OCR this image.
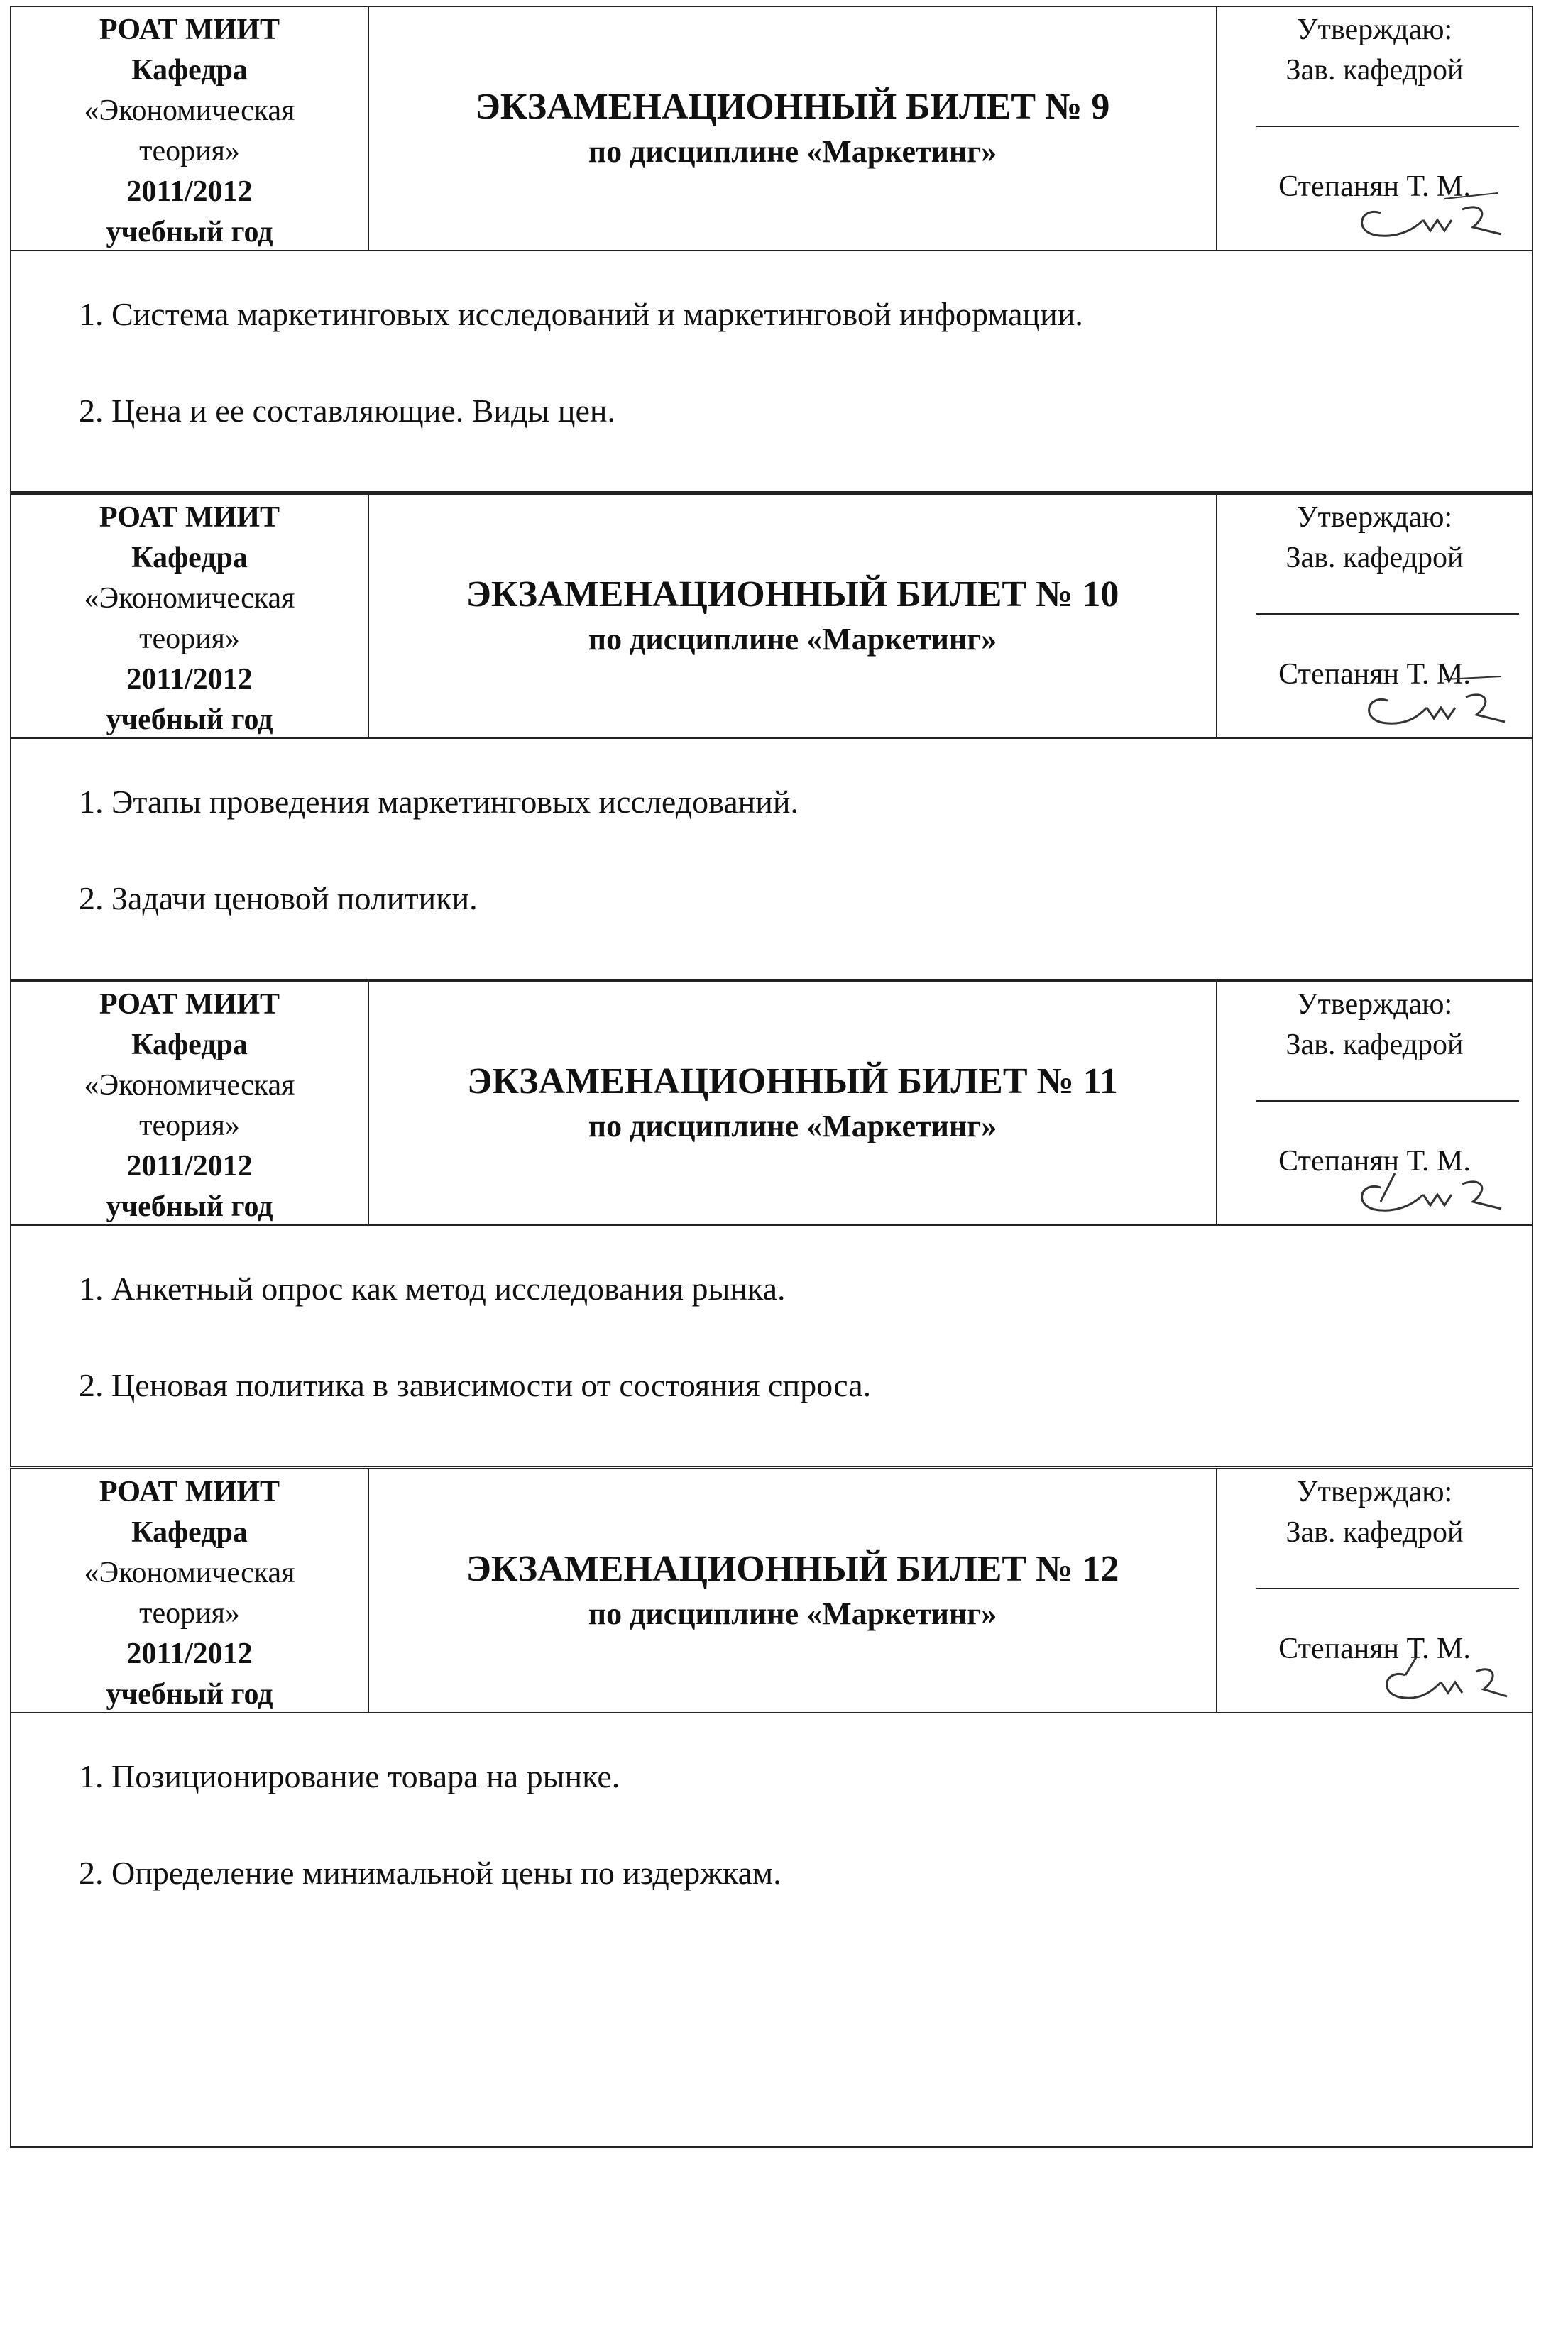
РОАТ МИИТ
Кафедра
«Экономическая
теория»
2011/2012
учебный год
ЭКЗАМЕНАЦИОННЫЙ БИЛЕТ № 9
по дисциплине «Маркетинг»
Утверждаю:
Зав. кафедрой
Степанян Т. М.
1. Система маркетинговых исследований и маркетинговой информации.
2. Цена и ее составляющие. Виды цен.
РОАТ МИИТ
Кафедра
«Экономическая
теория»
2011/2012
учебный год
ЭКЗАМЕНАЦИОННЫЙ БИЛЕТ № 10
по дисциплине «Маркетинг»
Утверждаю:
Зав. кафедрой
Степанян Т. М.
1. Этапы проведения маркетинговых исследований.
2. Задачи ценовой политики.
РОАТ МИИТ
Кафедра
«Экономическая
теория»
2011/2012
учебный год
ЭКЗАМЕНАЦИОННЫЙ БИЛЕТ № 11
по дисциплине «Маркетинг»
Утверждаю:
Зав. кафедрой
Степанян Т. М.
1. Анкетный опрос как метод исследования рынка.
2. Ценовая политика в зависимости от состояния спроса.
РОАТ МИИТ
Кафедра
«Экономическая
теория»
2011/2012
учебный год
ЭКЗАМЕНАЦИОННЫЙ БИЛЕТ № 12
по дисциплине «Маркетинг»
Утверждаю:
Зав. кафедрой
Степанян Т. М.
1. Позиционирование товара на рынке.
2. Определение минимальной цены по издержкам.
